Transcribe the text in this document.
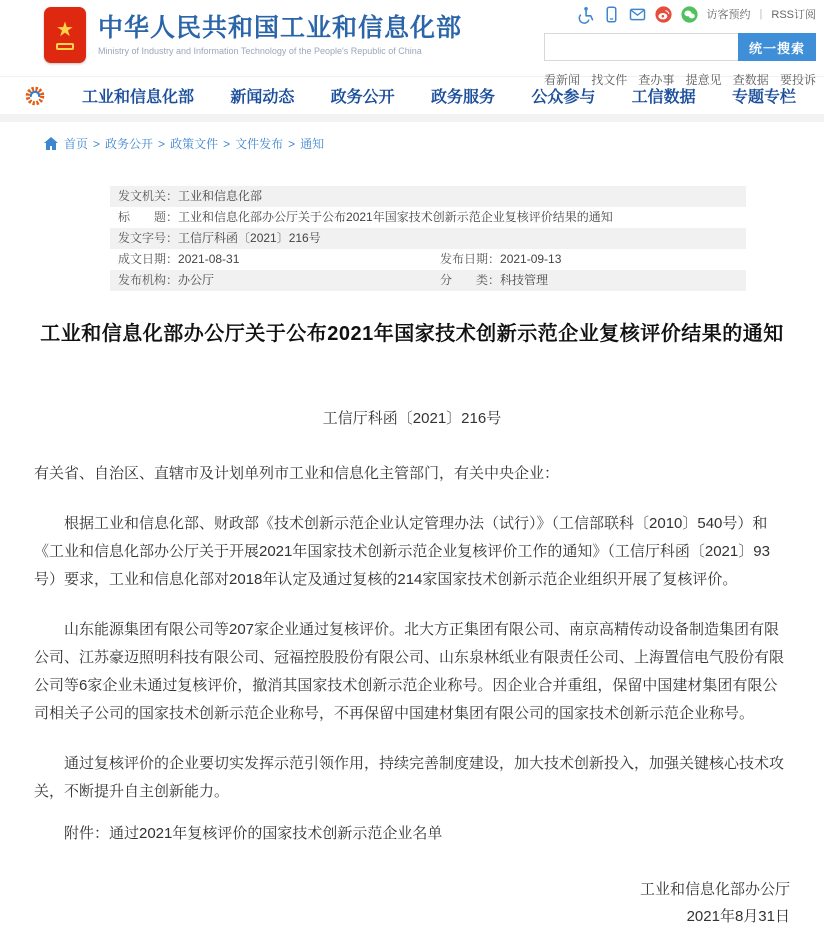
★ 中华人民共和国工业和信息化部
Ministry of Industry and Information Technology of the People's Republic of China
访客预约 | RSS订阅
统一搜索
看新闻 找文件 查办事 提意见 查数据 要投诉
工业和信息化部 新闻动态 政务公开 政务服务 公众参与 工信数据 专题专栏
首页 > 政务公开 > 政策文件 > 文件发布 > 通知
发文机关： 工业和信息化部
标　　题： 工业和信息化部办公厅关于公布2021年国家技术创新示范企业复核评价结果的通知
发文字号： 工信厅科函〔2021〕216号
成文日期： 2021-08-31	发布日期： 2021-09-13
发布机构： 办公厅	分　　类： 科技管理
工业和信息化部办公厅关于公布2021年国家技术创新示范企业复核评价结果的通知
工信厅科函〔2021〕216号

有关省、自治区、直辖市及计划单列市工业和信息化主管部门，有关中央企业：

根据工业和信息化部、财政部《技术创新示范企业认定管理办法（试行）》（工信部联科〔2010〕540号）和《工业和信息化部办公厅关于开展2021年国家技术创新示范企业复核评价工作的通知》（工信厅科函〔2021〕93号）要求，工业和信息化部对2018年认定及通过复核的214家国家技术创新示范企业组织开展了复核评价。

山东能源集团有限公司等207家企业通过复核评价。北大方正集团有限公司、南京高精传动设备制造集团有限公司、江苏豪迈照明科技有限公司、冠福控股股份有限公司、山东泉林纸业有限责任公司、上海置信电气股份有限公司等6家企业未通过复核评价，撤消其国家技术创新示范企业称号。因企业合并重组，保留中国建材集团有限公司相关子公司的国家技术创新示范企业称号，不再保留中国建材集团有限公司的国家技术创新示范企业称号。

通过复核评价的企业要切实发挥示范引领作用，持续完善制度建设，加大技术创新投入，加强关键核心技术攻关，不断提升自主创新能力。

附件：通过2021年复核评价的国家技术创新示范企业名单

工业和信息化部办公厅
2021年8月31日
